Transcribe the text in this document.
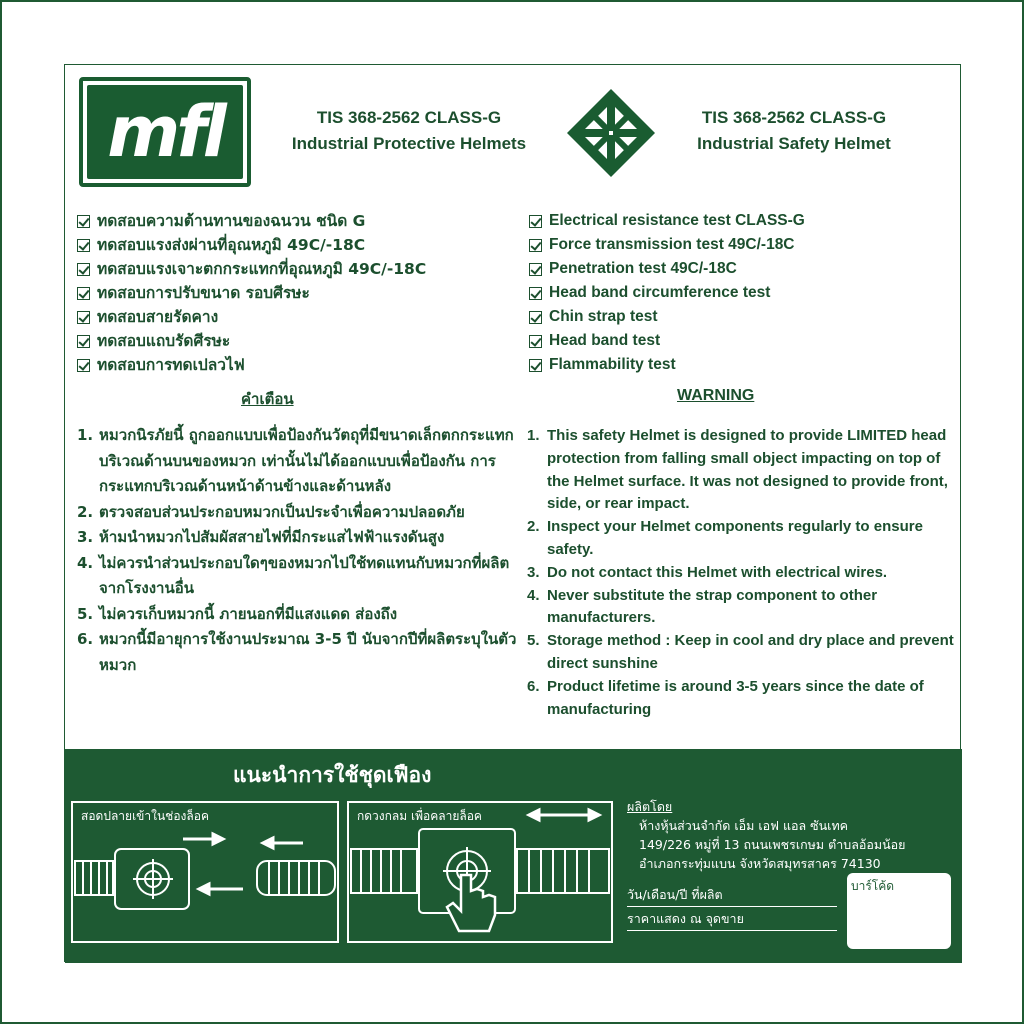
mfl	TIS 368-2562 CLASS-G
Industrial Protective Helmets
TIS 368-2562 CLASS-G
Industrial Safety Helmet
ทดสอบความต้านทานของฉนวน ชนิด G
ทดสอบแรงส่งผ่านที่อุณหภูมิ 49C/-18C
ทดสอบแรงเจาะตกกระแทกที่อุณหภูมิ 49C/-18C
ทดสอบการปรับขนาด รอบศีรษะ
ทดสอบสายรัดคาง
ทดสอบแถบรัดศีรษะ
ทดสอบการทดเปลวไฟ
Electrical resistance test CLASS-G
Force transmission test 49C/-18C
Penetration test 49C/-18C
Head band circumference test
Chin strap test
Head band test
Flammability test
คำเตือน	WARNING
1. หมวกนิรภัยนี้ ถูกออกแบบเพื่อป้องกันวัตถุที่มีขนาดเล็กตกกระแทกบริเวณด้านบนของหมวก เท่านั้นไม่ได้ออกแบบเพื่อป้องกัน การกระแทกบริเวณด้านหน้าด้านข้างและด้านหลัง
2. ตรวจสอบส่วนประกอบหมวกเป็นประจำเพื่อความปลอดภัย
3. ห้ามนำหมวกไปสัมผัสสายไฟที่มีกระแสไฟฟ้าแรงดันสูง
4. ไม่ควรนำส่วนประกอบใดๆของหมวกไปใช้ทดแทนกับหมวกที่ผลิตจากโรงงานอื่น
5. ไม่ควรเก็บหมวกนี้ ภายนอกที่มีแสงแดด ส่องถึง
6. หมวกนี้มีอายุการใช้งานประมาณ 3-5 ปี นับจากปีที่ผลิตระบุในตัวหมวก
1. This safety Helmet is designed to provide LIMITED head protection from falling small object impacting on top of the Helmet surface. It was not designed to provide front, side, or rear impact.
2. Inspect your Helmet components regularly to ensure safety.
3. Do not contact this Helmet with electrical wires.
4. Never substitute the strap component to other manufacturers.
5. Storage method : Keep in cool and dry place and prevent direct sunshine
6. Product lifetime is around 3-5 years since the date of manufacturing
แนะนำการใช้ชุดเฟือง
สอดปลายเข้าในช่องล็อค	กดวงกลม เพื่อคลายล็อค
ผลิตโดย
ห้างหุ้นส่วนจำกัด เอ็ม เอฟ แอล ซันเทค
149/226 หมู่ที่ 13 ถนนเพชรเกษม ตำบลอ้อมน้อย
อำเภอกระทุ่มแบน จังหวัดสมุทรสาคร 74130
วัน/เดือน/ปี ที่ผลิต
ราคาแสดง ณ จุดขาย
บาร์โค้ด
